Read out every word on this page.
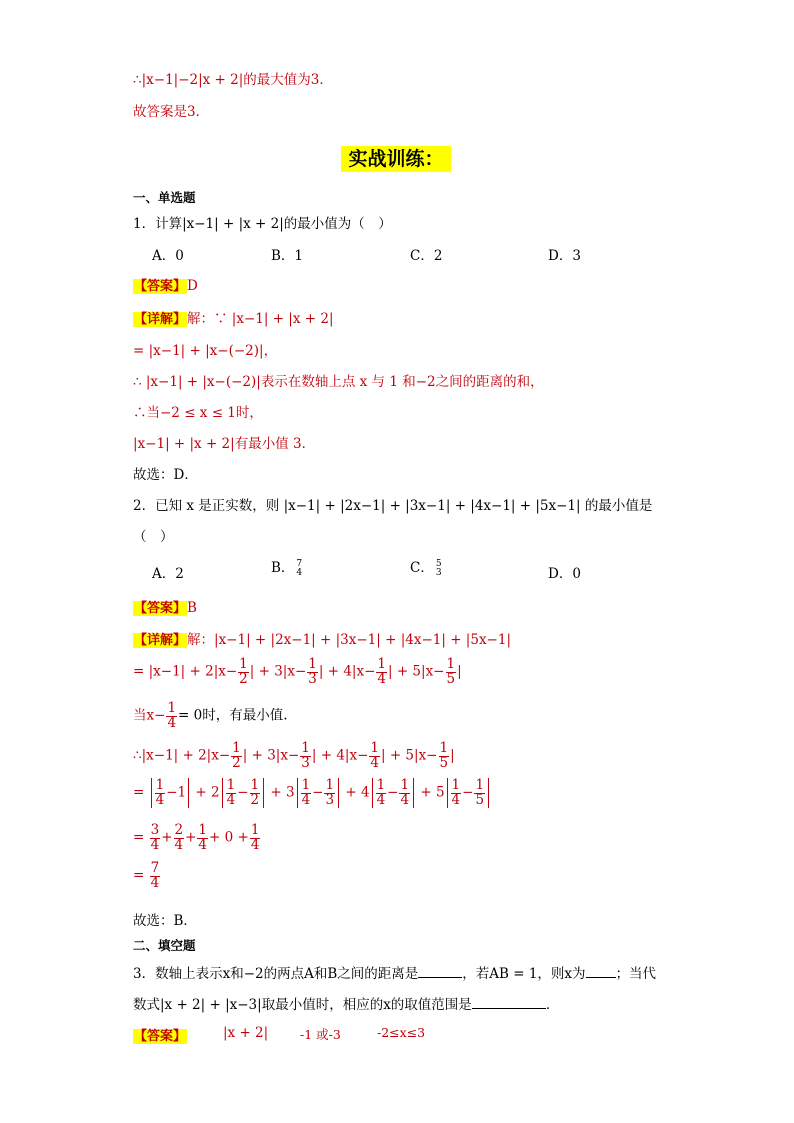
∴|x−1|−2|x + 2|的最大值为3．
故答案是3．
实战训练：
一、单选题
1．计算|x−1| + |x + 2|的最小值为（　）
A．0	B．1	C．2	D．3
【答案】D
【详解】解：∵ |x−1| + |x + 2|
= |x−1| + |x−(−2)|，
∴ |x−1| + |x−(−2)|表示在数轴上点 x 与 1 和−2之间的距离的和，
∴当−2 ≤ x ≤ 1时，
|x−1| + |x + 2|有最小值 3．
故选：D．
2．已知 x 是正实数，则 |x−1| + |2x−1| + |3x−1| + |4x−1| + |5x−1| 的最小值是
（　）
A．2	B． 7
4	C． 5
3	D．0
【答案】B
【详解】解：|x−1| + |2x−1| + |3x−1| + |4x−1| + |5x−1|
= $|x-1| + 2|x- \frac{1}{2}$ | + $3|x- \frac{1}{3}$ | + $4|x- \frac{1}{4}$ | + $5|x- \frac{1}{5}$ |
当$x- \frac{1}{4} = 0$时，有最小值.
∴|x−1| + $2|x- \frac{1}{2}$ | + $3|x- \frac{1}{3}$ | + $4|x- \frac{1}{4}$ | + $5|x- \frac{1}{5}$ |
= $\frac{1}{4} -1 + 2 \frac{1}{4} - \frac{1}{2} + 3 \frac{1}{4} - \frac{1}{3} + 4 \frac{1}{4} - \frac{1}{4} + 5 \frac{1}{4} - \frac{1}{5}$
= $\frac{3}{4} + \frac{2}{4} + \frac{1}{4} + 0 + \frac{1}{4}$
= $\frac{7}{4}$
故选：B．
二、填空题
3．数轴上表示x和−2的两点A和B之间的距离是	，若AB = 1，则x为 ；当代
数式|x + 2| + |x−3|取最小值时，相应的x的取值范围是	．
【答案】	|x + 2|	-1 或-3	-2≤x≤3
